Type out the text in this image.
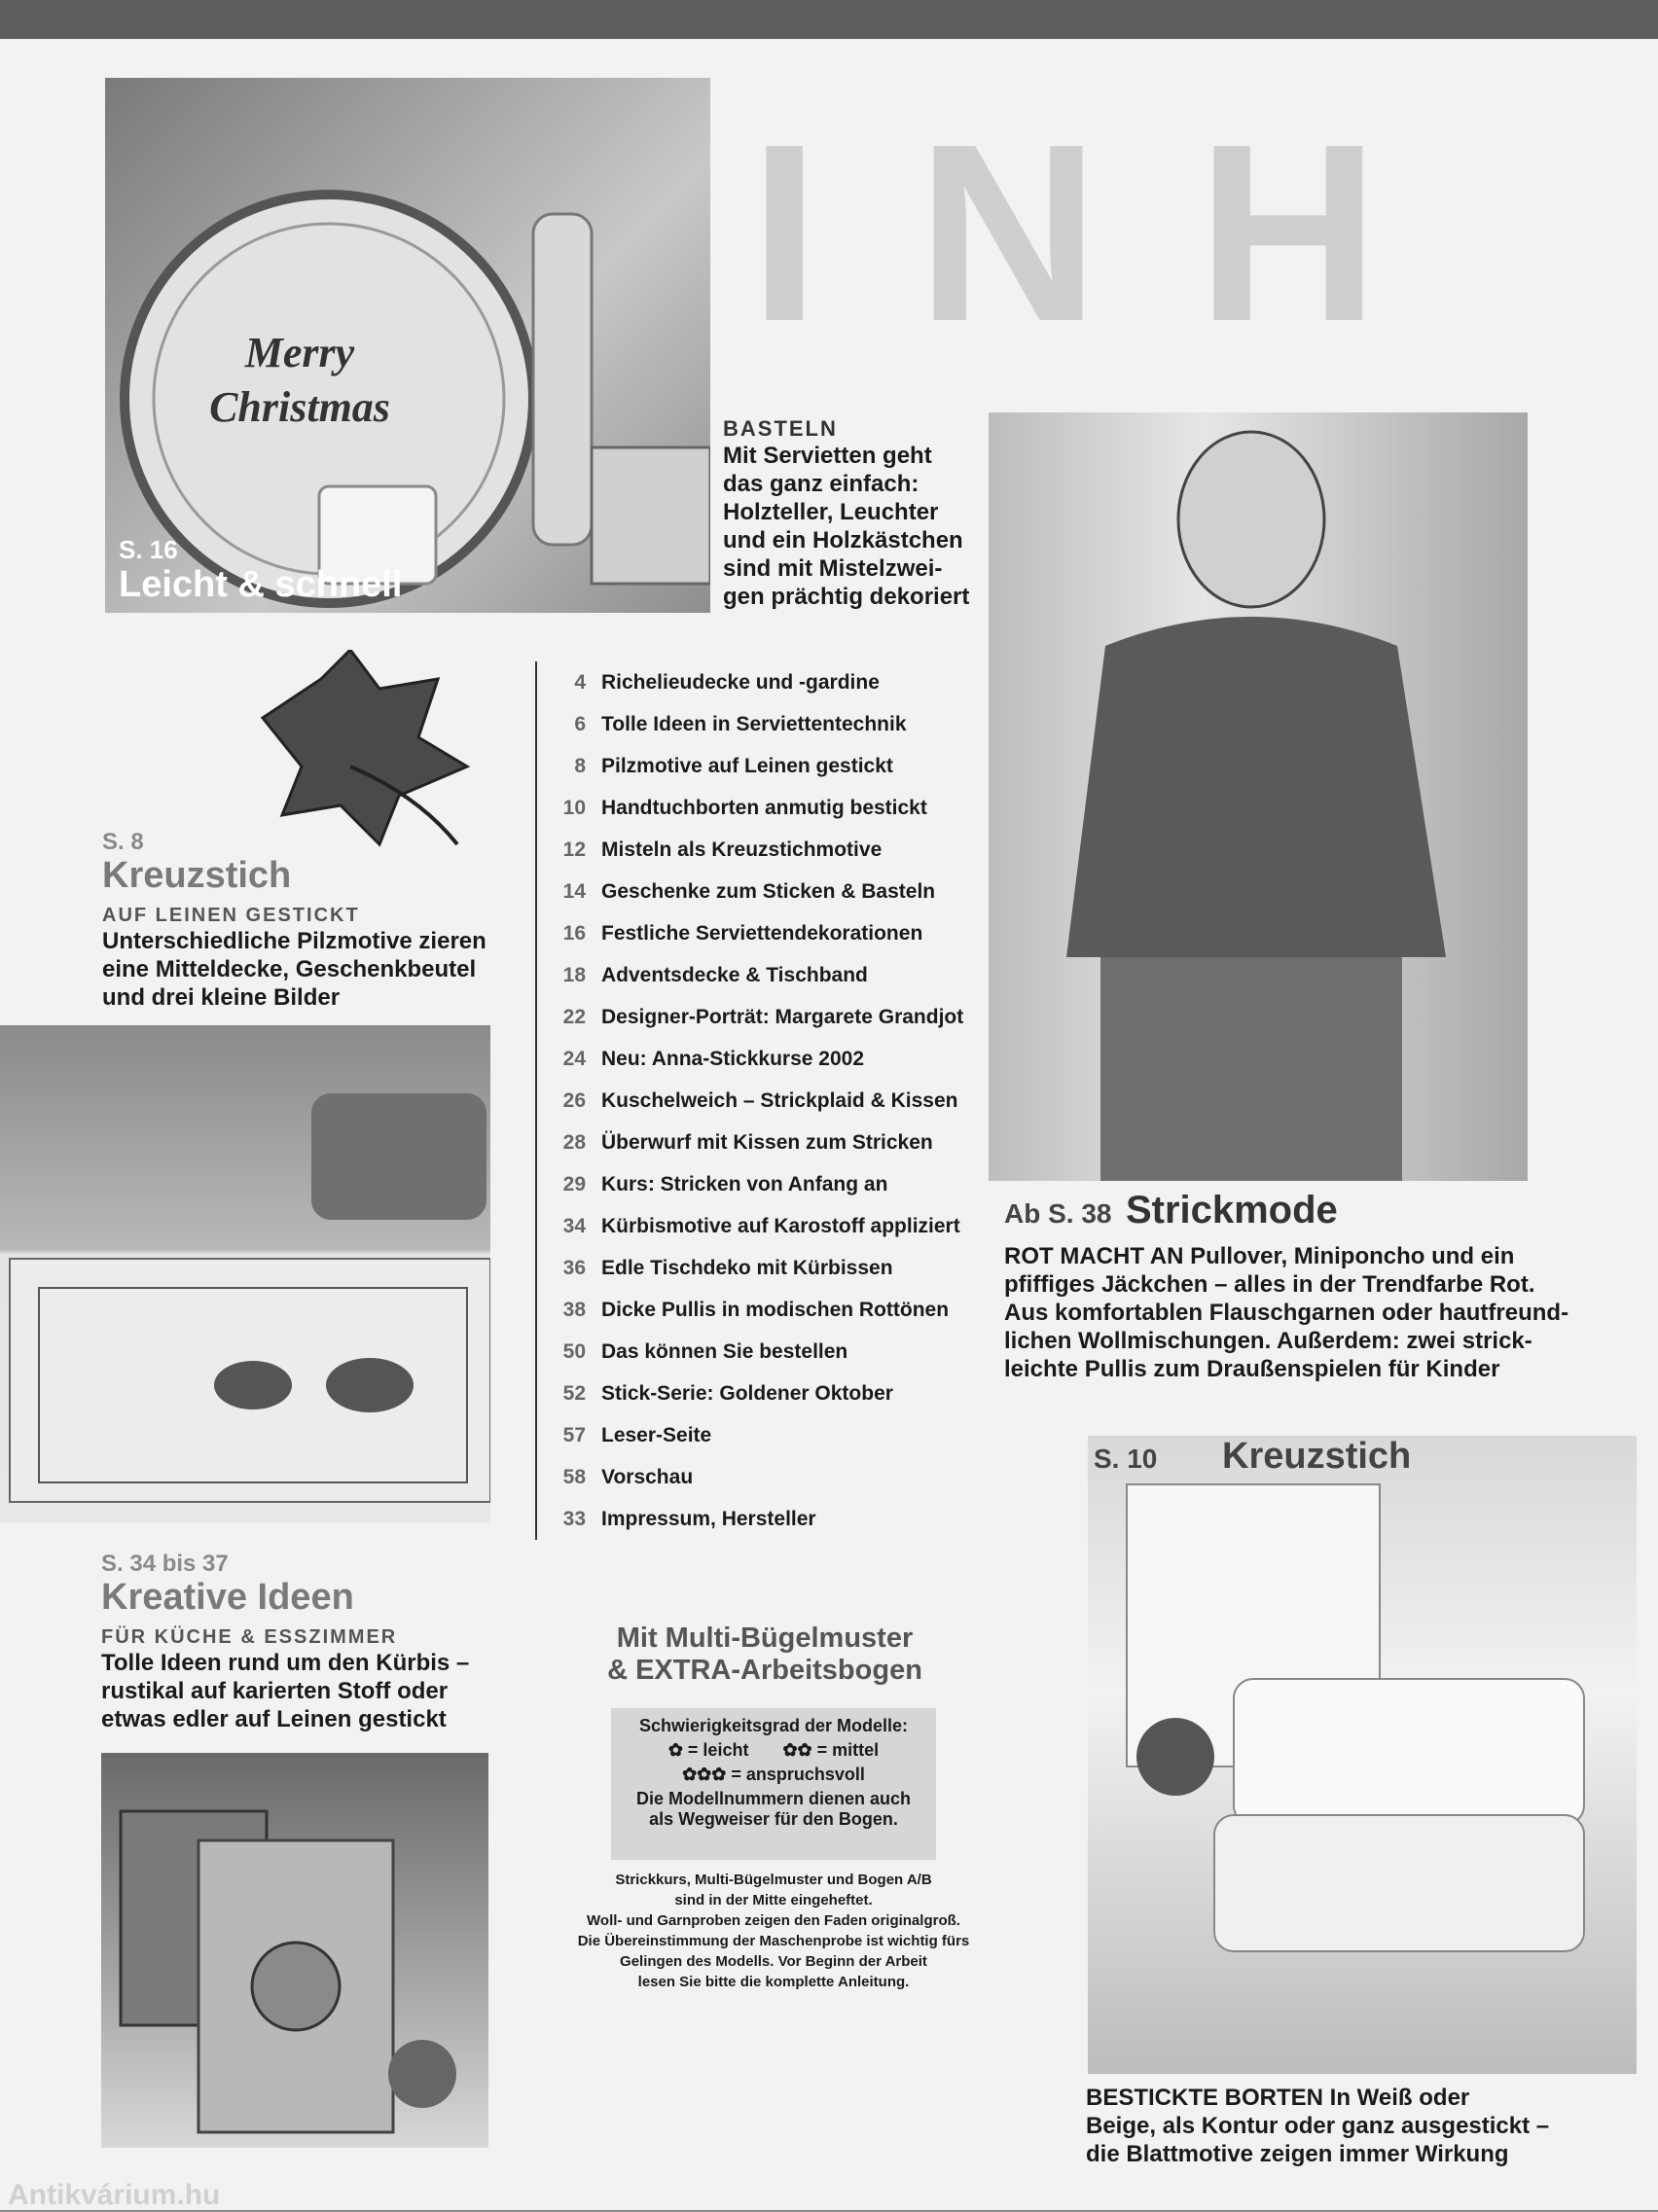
INH
Merry Christmas
S. 16
Leicht & schnell
BASTELN
Mit Servietten geht
das ganz einfach:
Holzteller, Leuchter
und ein Holzkästchen
sind mit Mistelzwei-
gen prächtig dekoriert
S. 8
Kreuzstich
AUF LEINEN GESTICKT
Unterschiedliche Pilzmotive zieren
eine Mitteldecke, Geschenkbeutel
und drei kleine Bilder
4 Richelieudecke und -gardine
6 Tolle Ideen in Serviettentechnik
8 Pilzmotive auf Leinen gestickt
10 Handtuchborten anmutig bestickt
12 Misteln als Kreuzstichmotive
14 Geschenke zum Sticken & Basteln
16 Festliche Serviettendekorationen
18 Adventsdecke & Tischband
22 Designer-Porträt: Margarete Grandjot
24 Neu: Anna-Stickkurse 2002
26 Kuschelweich – Strickplaid & Kissen
28 Überwurf mit Kissen zum Stricken
29 Kurs: Stricken von Anfang an
34 Kürbismotive auf Karostoff appliziert
36 Edle Tischdeko mit Kürbissen
38 Dicke Pullis in modischen Rottönen
50 Das können Sie bestellen
52 Stick-Serie: Goldener Oktober
57 Leser-Seite
58 Vorschau
33 Impressum, Hersteller
Ab S. 38 Strickmode
ROT MACHT AN Pullover, Miniponcho und ein
pfiffiges Jäckchen – alles in der Trendfarbe Rot.
Aus komfortablen Flauschgarnen oder hautfreund-
lichen Wollmischungen. Außerdem: zwei strick-
leichte Pullis zum Draußenspielen für Kinder
S. 10 Kreuzstich
BESTICKTE BORTEN In Weiß oder
Beige, als Kontur oder ganz ausgestickt –
die Blattmotive zeigen immer Wirkung
S. 34 bis 37
Kreative Ideen
FÜR KÜCHE & ESSZIMMER
Tolle Ideen rund um den Kürbis –
rustikal auf karierten Stoff oder
etwas edler auf Leinen gestickt
Mit Multi-Bügelmuster
& EXTRA-Arbeitsbogen
Schwierigkeitsgrad der Modelle:
✿ = leicht ✿✿ = mittel
✿✿✿ = anspruchsvoll
Die Modellnummern dienen auch
als Wegweiser für den Bogen.
Strickkurs, Multi-Bügelmuster und Bogen A/B
sind in der Mitte eingeheftet.
Woll- und Garnproben zeigen den Faden originalgroß.
Die Übereinstimmung der Maschenprobe ist wichtig fürs
Gelingen des Modells. Vor Beginn der Arbeit
lesen Sie bitte die komplette Anleitung.
Antikvárium.hu
